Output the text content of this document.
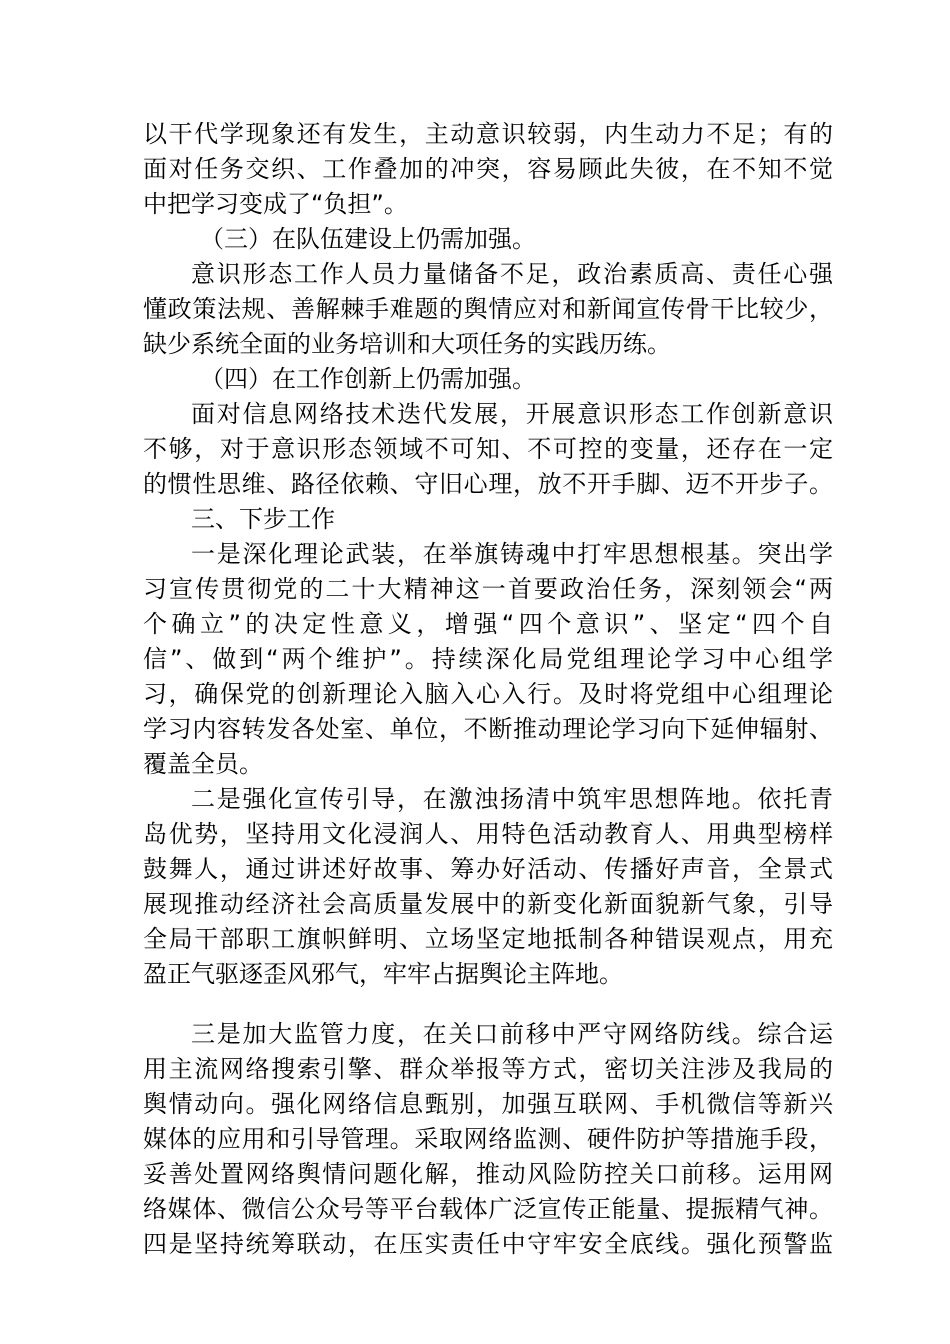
以干代学现象还有发生，主动意识较弱，内生动力不足；有的
面对任务交织、工作叠加的冲突，容易顾此失彼，在不知不觉
中把学习变成了“负担”。
（三）在队伍建设上仍需加强。
意识形态工作人员力量储备不足，政治素质高、责任心强
懂政策法规、善解棘手难题的舆情应对和新闻宣传骨干比较少，
缺少系统全面的业务培训和大项任务的实践历练。
（四）在工作创新上仍需加强。
面对信息网络技术迭代发展，开展意识形态工作创新意识
不够，对于意识形态领域不可知、不可控的变量，还存在一定
的惯性思维、路径依赖、守旧心理，放不开手脚、迈不开步子。
三、下步工作
一是深化理论武装，在举旗铸魂中打牢思想根基。突出学
习宣传贯彻党的二十大精神这一首要政治任务，深刻领会“两
个确立”的决定性意义，增强“四个意识”、坚定“四个自
信”、做到“两个维护”。持续深化局党组理论学习中心组学
习，确保党的创新理论入脑入心入行。及时将党组中心组理论
学习内容转发各处室、单位，不断推动理论学习向下延伸辐射、
覆盖全员。
二是强化宣传引导，在激浊扬清中筑牢思想阵地。依托青
岛优势，坚持用文化浸润人、用特色活动教育人、用典型榜样
鼓舞人，通过讲述好故事、筹办好活动、传播好声音，全景式
展现推动经济社会高质量发展中的新变化新面貌新气象，引导
全局干部职工旗帜鲜明、立场坚定地抵制各种错误观点，用充
盈正气驱逐歪风邪气，牢牢占据舆论主阵地。
三是加大监管力度，在关口前移中严守网络防线。综合运
用主流网络搜索引擎、群众举报等方式，密切关注涉及我局的
舆情动向。强化网络信息甄别，加强互联网、手机微信等新兴
媒体的应用和引导管理。采取网络监测、硬件防护等措施手段，
妥善处置网络舆情问题化解，推动风险防控关口前移。运用网
络媒体、微信公众号等平台载体广泛宣传正能量、提振精气神。
四是坚持统筹联动，在压实责任中守牢安全底线。强化预警监
